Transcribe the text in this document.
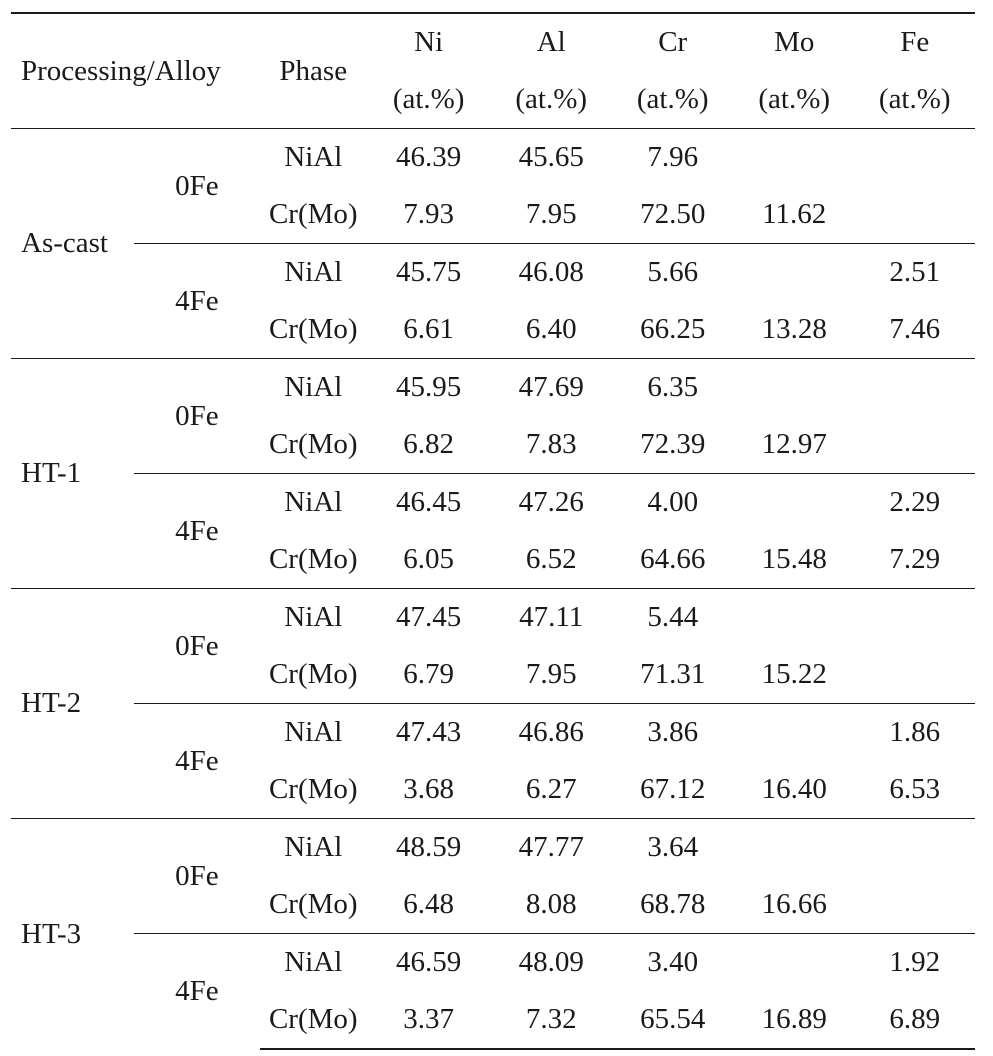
Processing/Alloy		Phase	Ni	Al	Cr	Mo	Fe
			(at.%)	(at.%)	(at.%)	(at.%)	(at.%)
As-cast	0Fe	NiAl	46.39	45.65	7.96		
		Cr(Mo)	7.93	7.95	72.50	11.62	
	4Fe	NiAl	45.75	46.08	5.66		2.51
		Cr(Mo)	6.61	6.40	66.25	13.28	7.46
HT-1	0Fe	NiAl	45.95	47.69	6.35		
		Cr(Mo)	6.82	7.83	72.39	12.97	
	4Fe	NiAl	46.45	47.26	4.00		2.29
		Cr(Mo)	6.05	6.52	64.66	15.48	7.29
HT-2	0Fe	NiAl	47.45	47.11	5.44		
		Cr(Mo)	6.79	7.95	71.31	15.22	
	4Fe	NiAl	47.43	46.86	3.86		1.86
		Cr(Mo)	3.68	6.27	67.12	16.40	6.53
HT-3	0Fe	NiAl	48.59	47.77	3.64		
		Cr(Mo)	6.48	8.08	68.78	16.66	
	4Fe	NiAl	46.59	48.09	3.40		1.92
		Cr(Mo)	3.37	7.32	65.54	16.89	6.89
